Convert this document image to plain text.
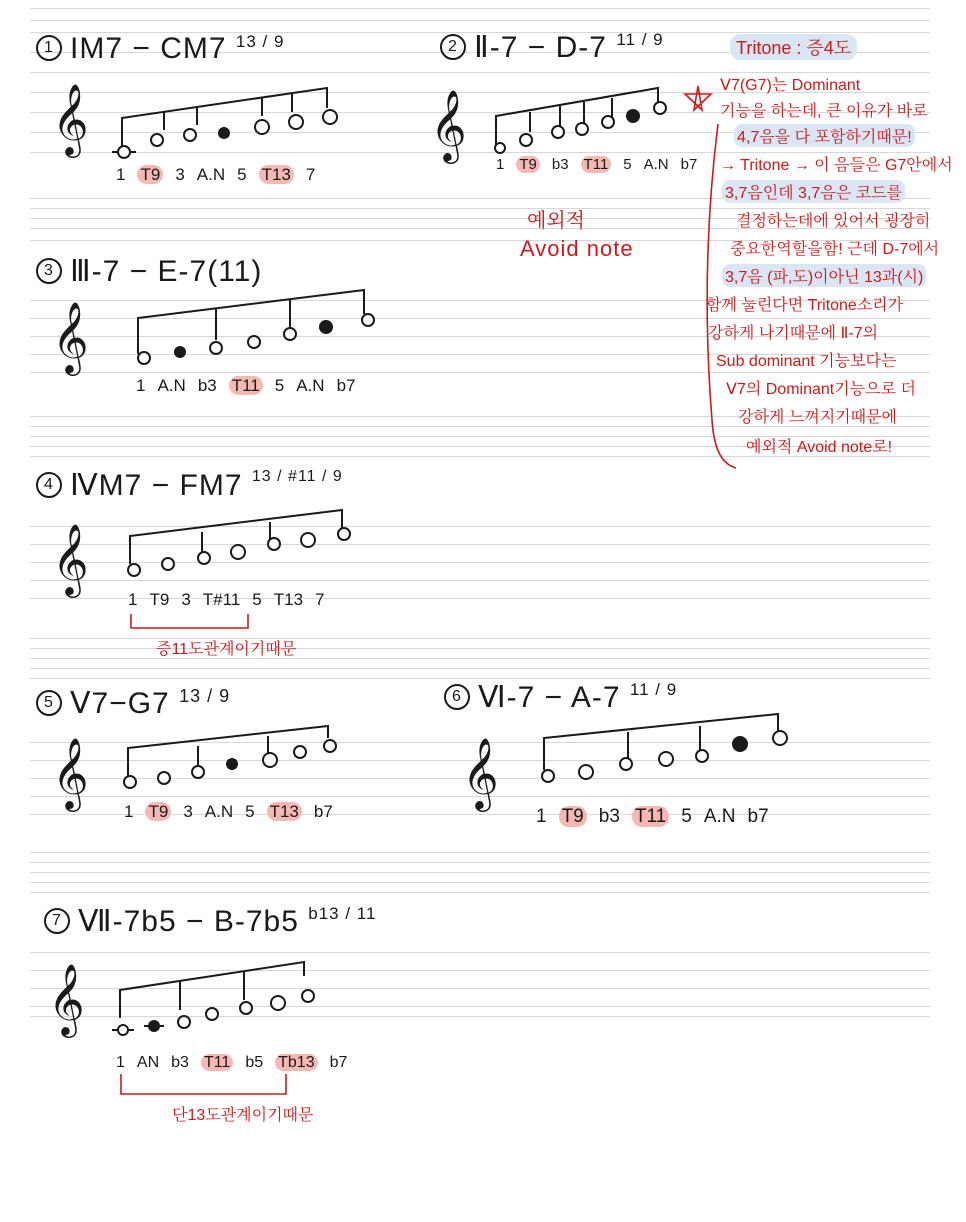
1 IM7 − CM7 $^{13 / 9}$
𝄞
1 T9 3 A.N 5 T13 7
2 Ⅱ-7 − D-7 $^{11 / 9}$
𝄞
1 T9 b3 T11 5 A.N b7
예외적
Avoid note
3 Ⅲ-7 − E-7(11)
𝄞
1 A.N b3 T11 5 A.N b7
4 ⅣM7 − FM7 $^{13 / \#11 / 9}$
𝄞
1 T9 3 T#11 5 T13 7
증11도관계이기때문
5 Ⅴ7−G7 $^{13 / 9}$
𝄞
1 T9 3 A.N 5 T13 b7
6 Ⅵ-7 − A-7 $^{11 / 9}$
𝄞
1 T9 b3 T11 5 A.N b7
7 Ⅶ-7b5 − B-7b5 $^{b13 / 11}$
𝄞
1 AN b3 T11 b5 Tb13 b7
단13도관계이기때문
Tritone : 증4도
Ⅴ7(G7)는 Dominant
기능을 하는데, 큰 이유가 바로
4,7음을 다 포함하기때문!
→ Tritone → 이 음들은 G7안에서
3,7음인데 3,7음은 코드를
결정하는데에 있어서 굉장히
중요한역할을함! 근데 D-7에서
3,7음 (파,도)이아닌 13과(시)
함께 눌린다면 Tritone소리가
강하게 나기때문에 Ⅱ-7의
Sub dominant 기능보다는
Ⅴ7의 Dominant기능으로 더
강하게 느껴지기때문에
예외적 Avoid note로!
